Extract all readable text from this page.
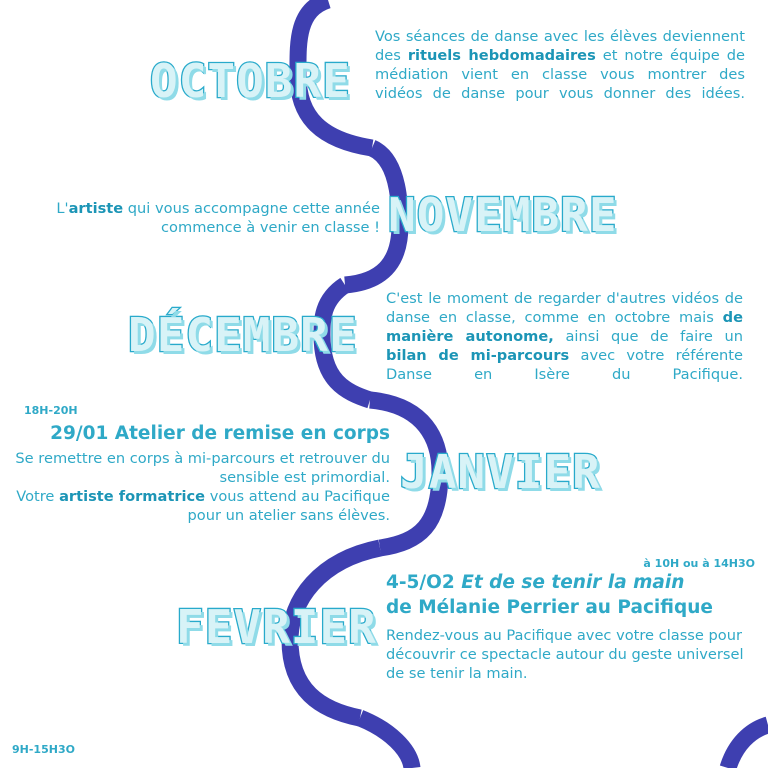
OCTOBRE
Vos séances de danse avec les élèves deviennent des rituels hebdomadaires et notre équipe de médiation vient en classe vous montrer des vidéos de danse pour vous donner des idées.
L'artiste qui vous accompagne cette année commence à venir en classe ! NOVEMBRE
DÉCEMBRE
C'est le moment de regarder d'autres vidéos de danse en classe, comme en octobre mais de manière autonome, ainsi que de faire un bilan de mi-parcours avec votre référente Danse en Isère du Pacifique.
18H-20H
29/01 Atelier de remise en corps
Se remettre en corps à mi-parcours et retrouver du sensible est primordial.
Votre artiste formatrice vous attend au Pacifique pour un atelier sans élèves.
JANVIER
à 10H ou à 14H3O
4-5/O2 Et de se tenir la main
de Mélanie Perrier au Pacifique
FEVRIER Rendez-vous au Pacifique avec votre classe pour découvrir ce spectacle autour du geste universel de se tenir la main.
9H-15H3O
